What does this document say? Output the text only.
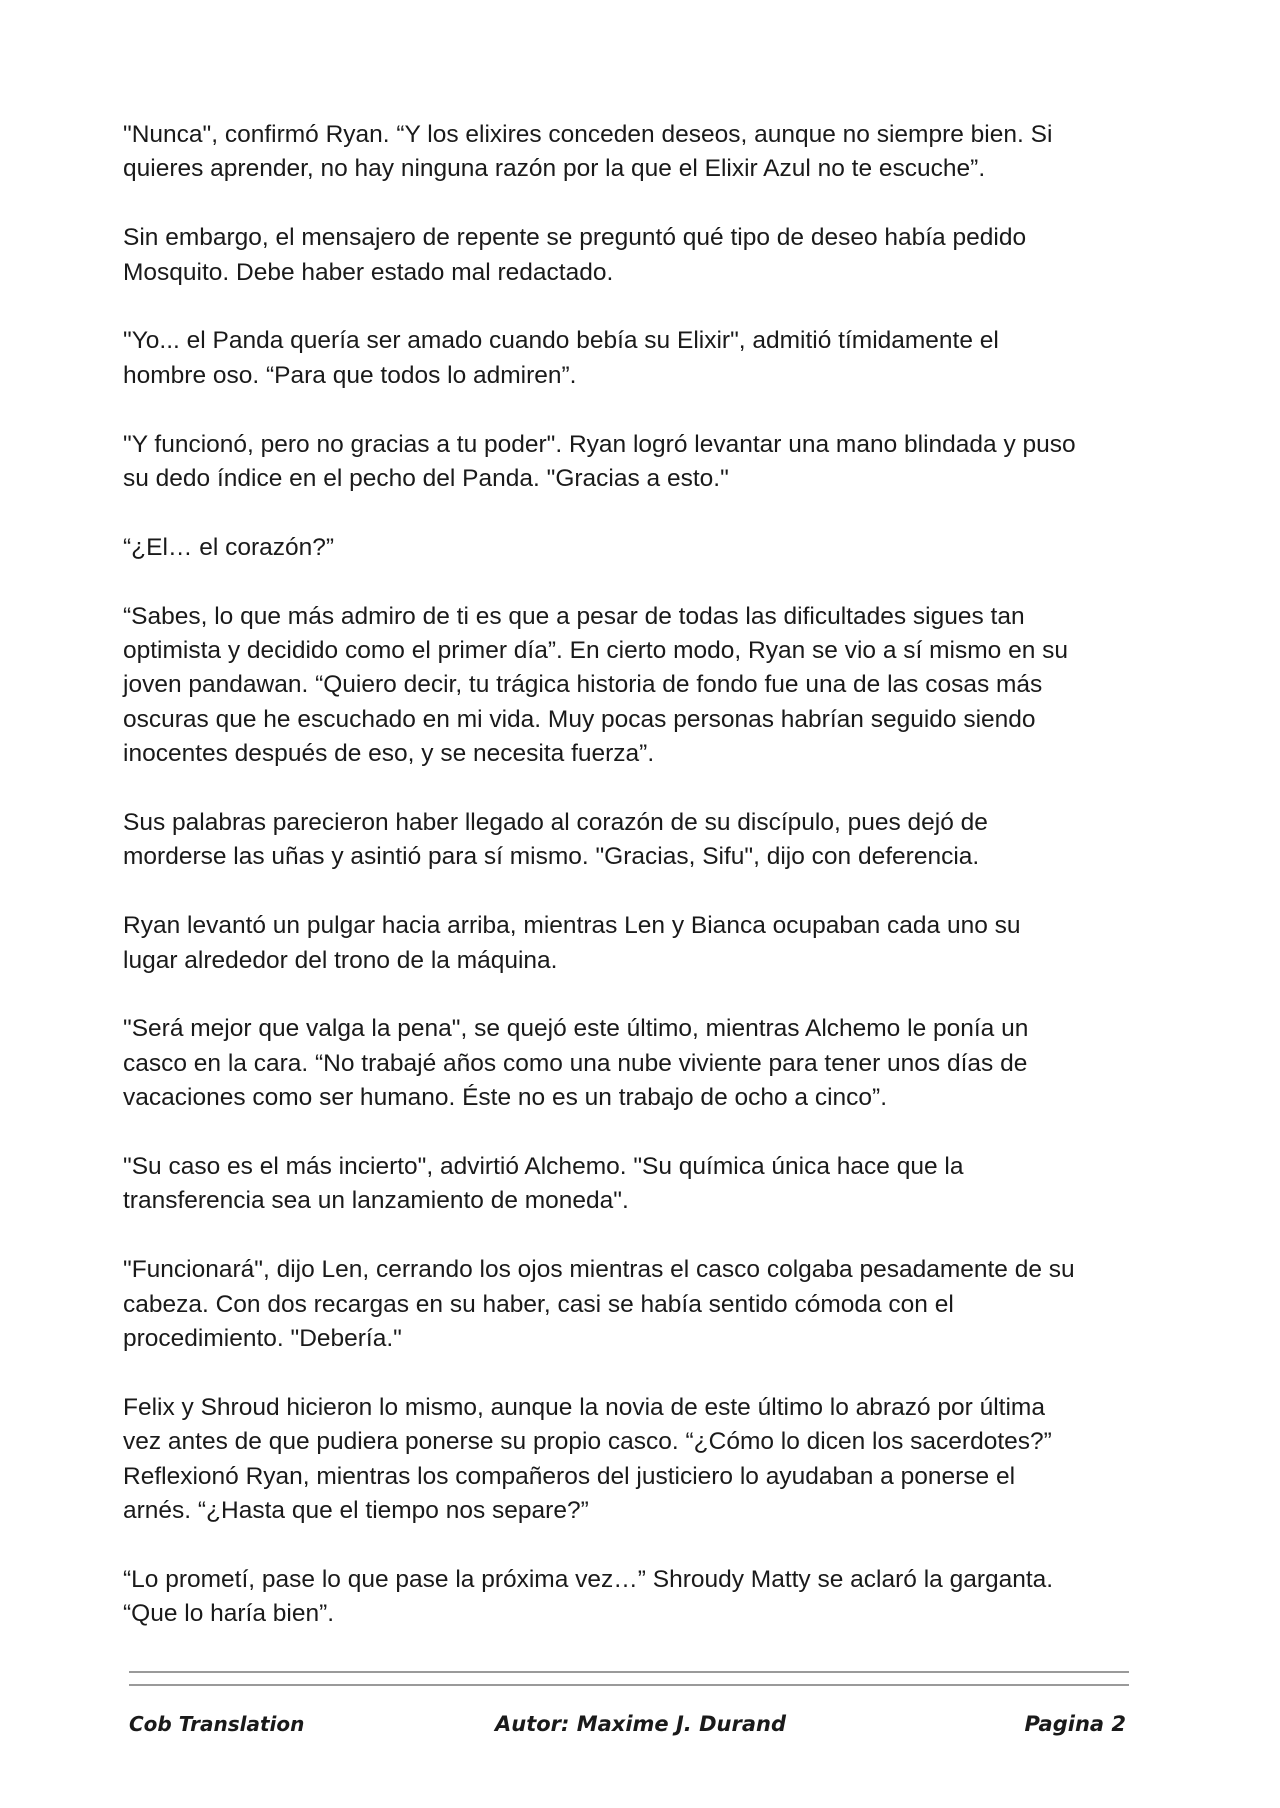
"Nunca", confirmó Ryan. “Y los elixires conceden deseos, aunque no siempre bien. Si
quieres aprender, no hay ninguna razón por la que el Elixir Azul no te escuche”.

Sin embargo, el mensajero de repente se preguntó qué tipo de deseo había pedido
Mosquito. Debe haber estado mal redactado.

"Yo... el Panda quería ser amado cuando bebía su Elixir", admitió tímidamente el
hombre oso. “Para que todos lo admiren”.

"Y funcionó, pero no gracias a tu poder". Ryan logró levantar una mano blindada y puso
su dedo índice en el pecho del Panda. "Gracias a esto."

“¿El… el corazón?”

“Sabes, lo que más admiro de ti es que a pesar de todas las dificultades sigues tan
optimista y decidido como el primer día”. En cierto modo, Ryan se vio a sí mismo en su
joven pandawan. “Quiero decir, tu trágica historia de fondo fue una de las cosas más
oscuras que he escuchado en mi vida. Muy pocas personas habrían seguido siendo
inocentes después de eso, y se necesita fuerza”.

Sus palabras parecieron haber llegado al corazón de su discípulo, pues dejó de
morderse las uñas y asintió para sí mismo. "Gracias, Sifu", dijo con deferencia.

Ryan levantó un pulgar hacia arriba, mientras Len y Bianca ocupaban cada uno su
lugar alrededor del trono de la máquina.

"Será mejor que valga la pena", se quejó este último, mientras Alchemo le ponía un
casco en la cara. “No trabajé años como una nube viviente para tener unos días de
vacaciones como ser humano. Éste no es un trabajo de ocho a cinco”.

"Su caso es el más incierto", advirtió Alchemo. "Su química única hace que la
transferencia sea un lanzamiento de moneda".

"Funcionará", dijo Len, cerrando los ojos mientras el casco colgaba pesadamente de su
cabeza. Con dos recargas en su haber, casi se había sentido cómoda con el
procedimiento. "Debería."

Felix y Shroud hicieron lo mismo, aunque la novia de este último lo abrazó por última
vez antes de que pudiera ponerse su propio casco. “¿Cómo lo dicen los sacerdotes?”
Reflexionó Ryan, mientras los compañeros del justiciero lo ayudaban a ponerse el
arnés. “¿Hasta que el tiempo nos separe?”

“Lo prometí, pase lo que pase la próxima vez…” Shroudy Matty se aclaró la garganta.
“Que lo haría bien”.

Cob Translation	Autor: Maxime J. Durand	Pagina 2
